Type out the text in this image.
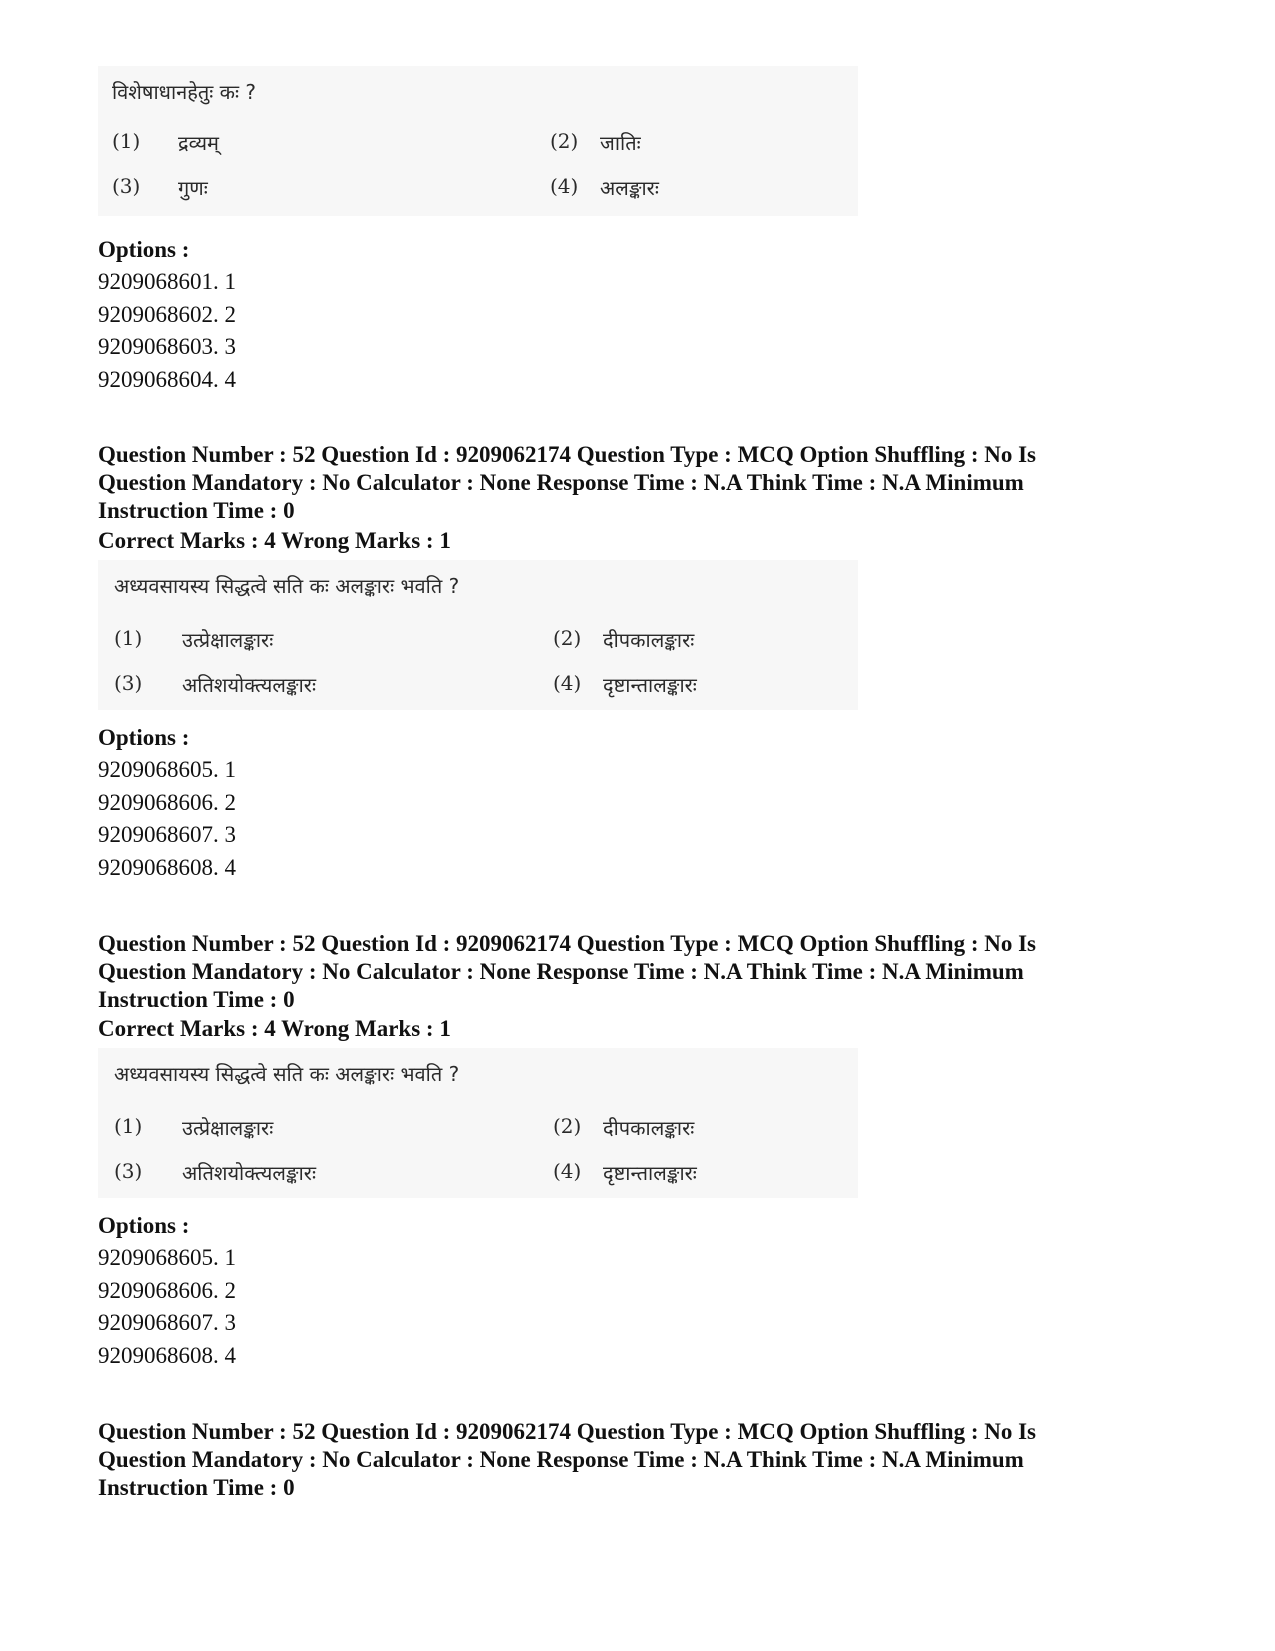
विशेषाधानहेतुः कः ?
(1) द्रव्यम्	(2) जातिः
(3) गुणः	(4) अलङ्कारः
Options :
9209068601. 1
9209068602. 2
9209068603. 3
9209068604. 4
Question Number : 52 Question Id : 9209062174 Question Type : MCQ Option Shuffling : No Is
Question Mandatory : No Calculator : None Response Time : N.A Think Time : N.A Minimum
Instruction Time : 0
Correct Marks : 4 Wrong Marks : 1
अध्यवसायस्य सिद्धत्वे सति कः अलङ्कारः भवति ?
(1) उत्प्रेक्षालङ्कारः	(2) दीपकालङ्कारः
(3) अतिशयोक्त्यलङ्कारः	(4) दृष्टान्तालङ्कारः
Options :
9209068605. 1
9209068606. 2
9209068607. 3
9209068608. 4
Question Number : 52 Question Id : 9209062174 Question Type : MCQ Option Shuffling : No Is
Question Mandatory : No Calculator : None Response Time : N.A Think Time : N.A Minimum
Instruction Time : 0
Correct Marks : 4 Wrong Marks : 1
अध्यवसायस्य सिद्धत्वे सति कः अलङ्कारः भवति ?
(1) उत्प्रेक्षालङ्कारः	(2) दीपकालङ्कारः
(3) अतिशयोक्त्यलङ्कारः	(4) दृष्टान्तालङ्कारः
Options :
9209068605. 1
9209068606. 2
9209068607. 3
9209068608. 4
Question Number : 52 Question Id : 9209062174 Question Type : MCQ Option Shuffling : No Is
Question Mandatory : No Calculator : None Response Time : N.A Think Time : N.A Minimum
Instruction Time : 0
